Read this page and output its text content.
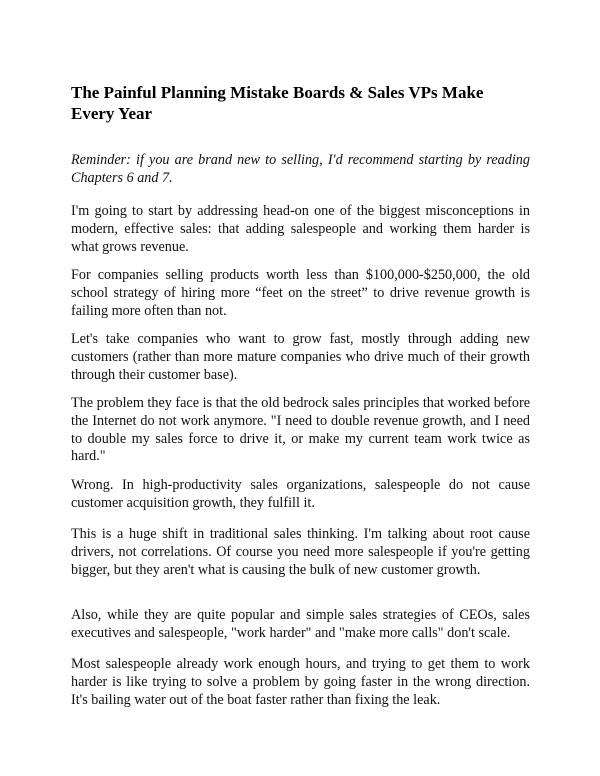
The Painful Planning Mistake Boards & Sales VPs Make Every Year

Reminder: if you are brand new to selling, I'd recommend starting by reading Chapters 6 and 7.

I'm going to start by addressing head-on one of the biggest misconceptions in modern, effective sales: that adding salespeople and working them harder is what grows revenue.

For companies selling products worth less than $100,000-$250,000, the old school strategy of hiring more “feet on the street” to drive revenue growth is failing more often than not.

Let's take companies who want to grow fast, mostly through adding new customers (rather than more mature companies who drive much of their growth through their customer base).

The problem they face is that the old bedrock sales principles that worked before the Internet do not work anymore. "I need to double revenue growth, and I need to double my sales force to drive it, or make my current team work twice as hard."

Wrong. In high-productivity sales organizations, salespeople do not cause customer acquisition growth, they fulfill it.

This is a huge shift in traditional sales thinking. I'm talking about root cause drivers, not correlations. Of course you need more salespeople if you're getting bigger, but they aren't what is causing the bulk of new customer growth.

Also, while they are quite popular and simple sales strategies of CEOs, sales executives and salespeople, "work harder" and "make more calls" don't scale.

Most salespeople already work enough hours, and trying to get them to work harder is like trying to solve a problem by going faster in the wrong direction. It's bailing water out of the boat faster rather than fixing the leak.
